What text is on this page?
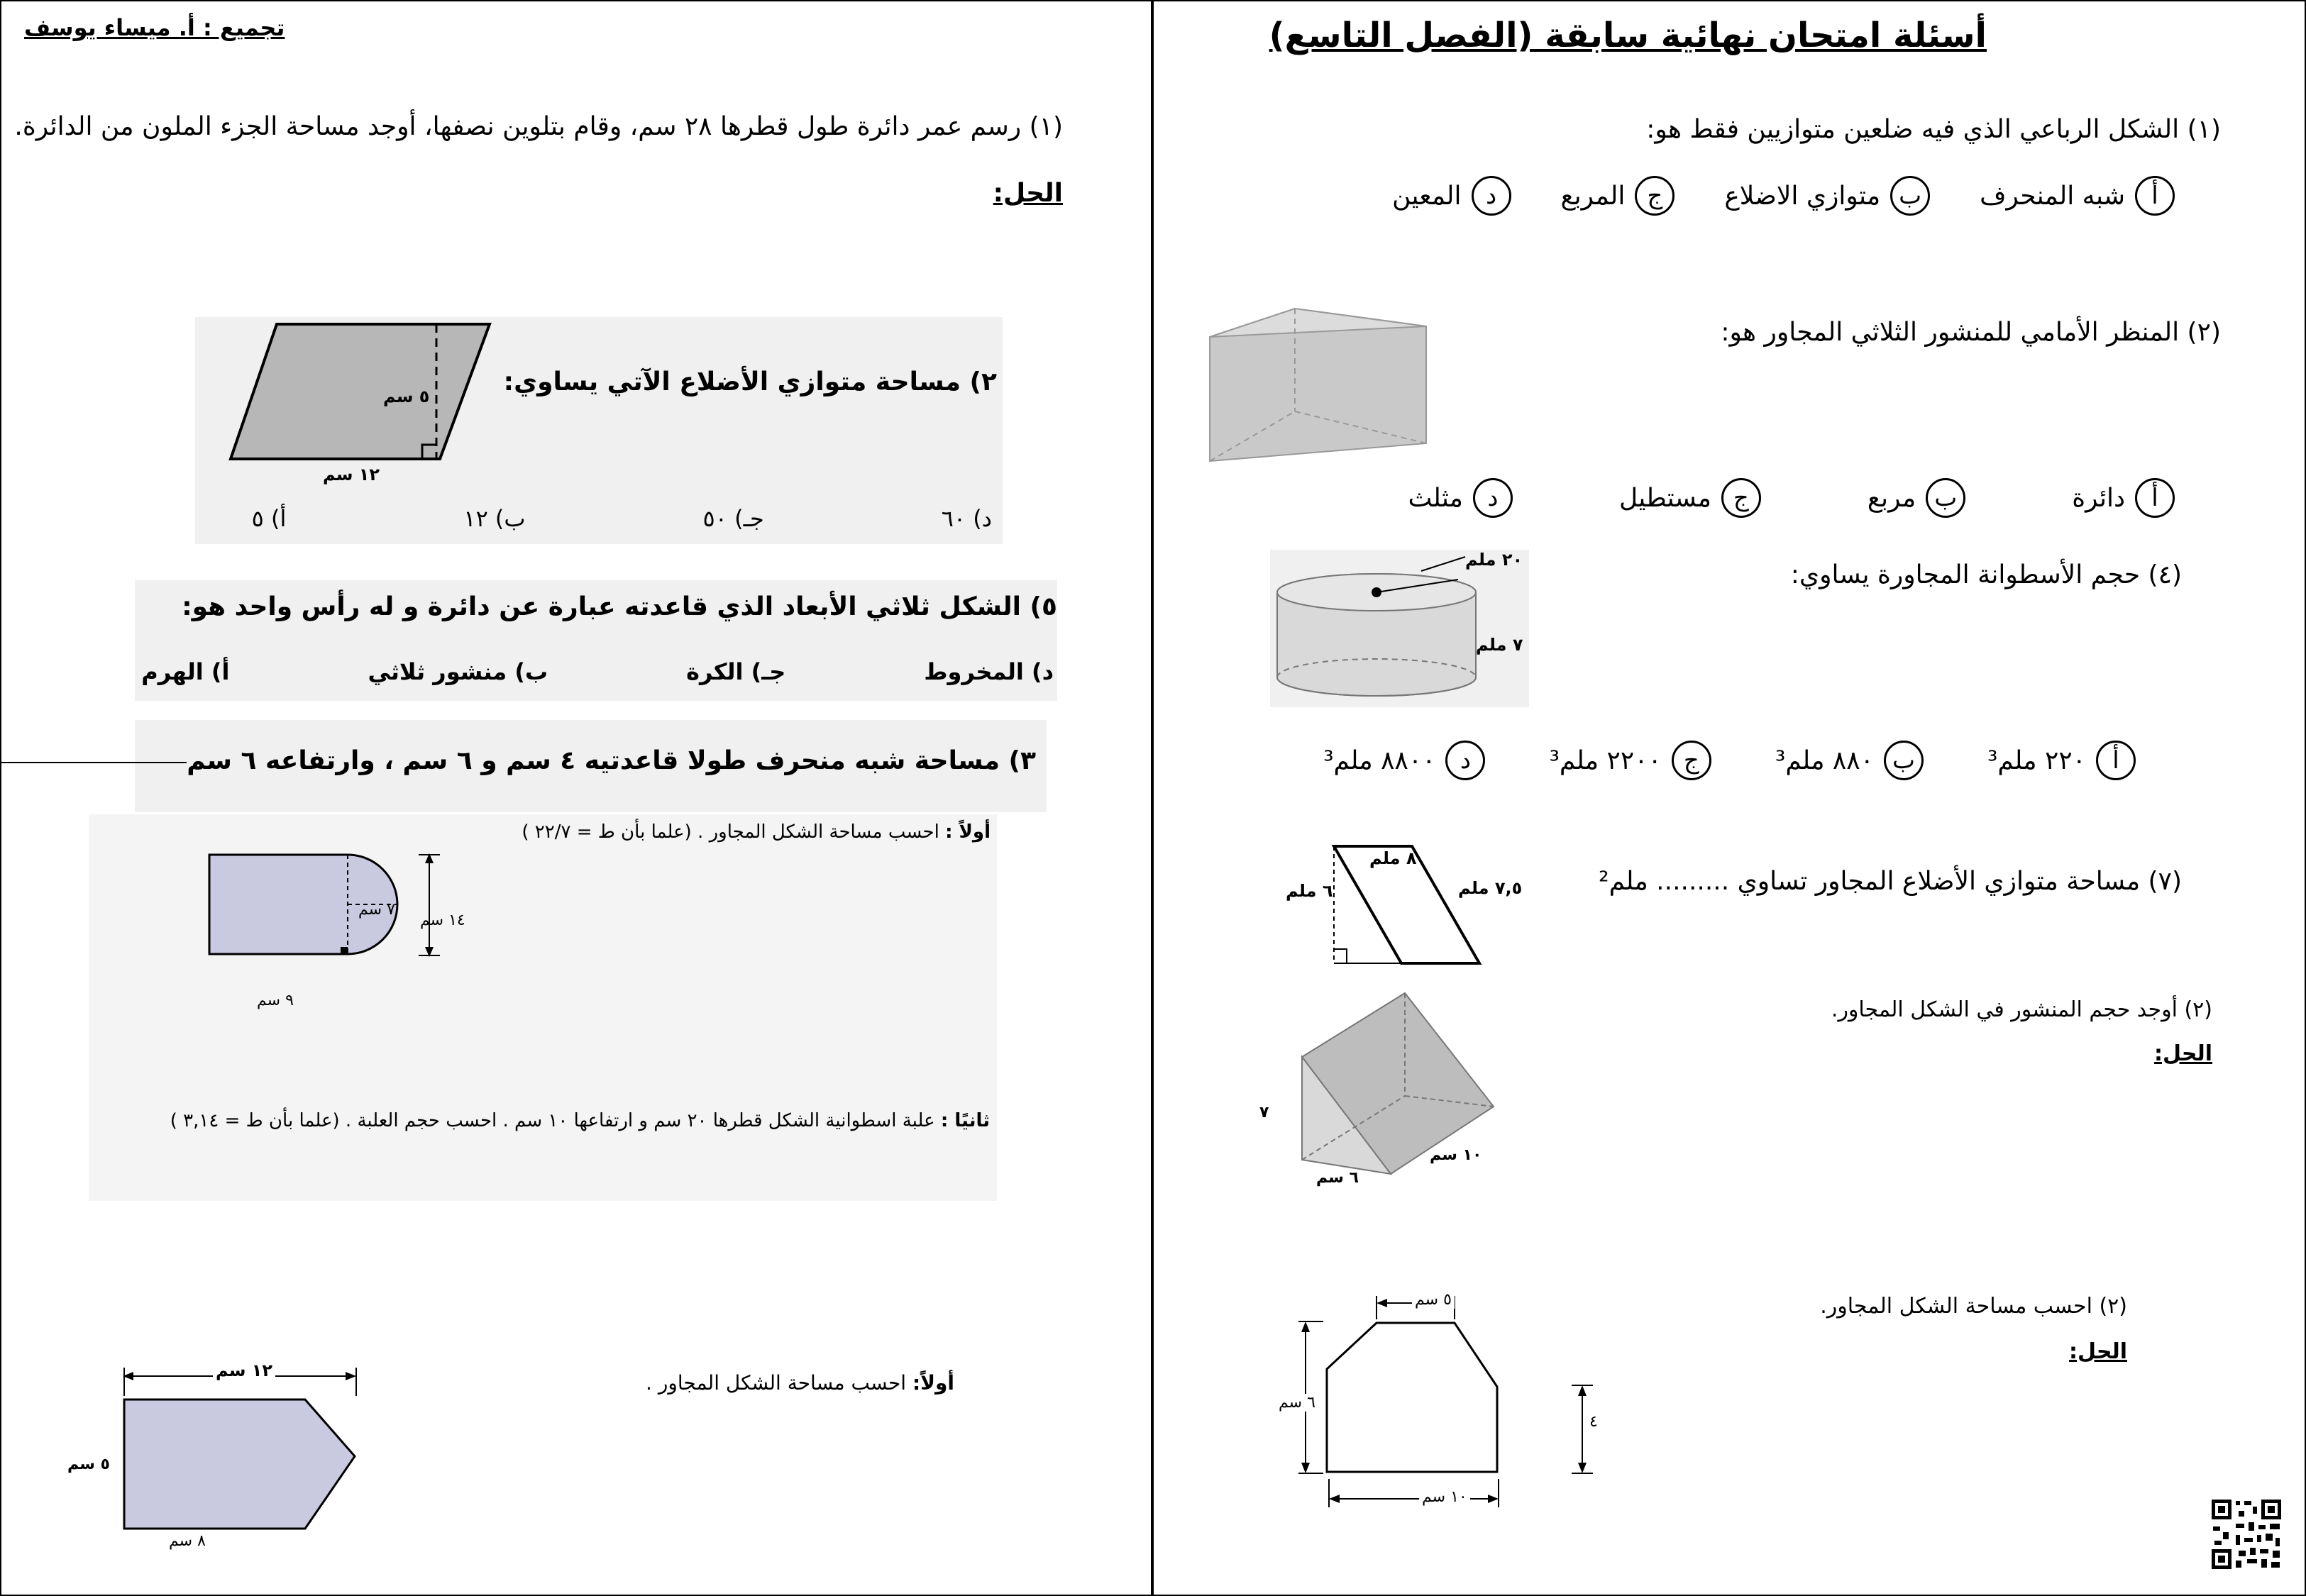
أسئلة امتحان نهائية سابقة (الفصل التاسع)
تجميع : أ. ميساء يوسف
(١) الشكل الرباعي الذي فيه ضلعين متوازيين فقط هو:
أ
شبه المنحرف
ب
متوازي الاضلاع
ج
المربع
د
المعين
(٢) المنظر الأمامي للمنشور الثلاثي المجاور هو:
أ
دائرة
ب
مربع
ج
مستطيل
د
مثلث
(٤) حجم الأسطوانة المجاورة يساوي:
٢٠ ملم
٧ ملم
أ
٢٢٠ ملم³
ب
٨٨٠ ملم³
ج
٢٢٠٠ ملم³
د
٨٨٠٠ ملم³
(٧) مساحة متوازي الأضلاع المجاور تساوي ......... ملم²
٨ ملم
٧,٥ ملم
٦ ملم
(٢) أوجد حجم المنشور في الشكل المجاور.
الحل:
٧
٦ سم
١٠ سم
(٢) احسب مساحة الشكل المجاور.
الحل:
٥ سم
٦ سم
٤
١٠ سم
(١) رسم عمر دائرة طول قطرها ٢٨ سم، وقام بتلوين نصفها، أوجد مساحة الجزء الملون من الدائرة.
الحل:
٢) مساحة متوازي الأضلاع الآتي يساوي:
٥ سم
١٢ سم
أ) ٥	ب) ١٢	جـ) ٥٠	د) ٦٠
٥) الشكل ثلاثي الأبعاد الذي قاعدته عبارة عن دائرة و له رأس واحد هو:
أ) الهرم	ب) منشور ثلاثي	جـ) الكرة	د) المخروط
٣) مساحة شبه منحرف طولا قاعدتيه ٤ سم و ٦ سم ، وارتفاعه ٦ سم
أولاً : احسب مساحة الشكل المجاور . (علما بأن ط = ٢٢/٧ )
٧ سم
١٤ سم
٩ سم
ثانيًا : علبة اسطوانية الشكل قطرها ٢٠ سم و ارتفاعها ١٠ سم . احسب حجم العلبة . (علما بأن ط = ٣,١٤ )
أولاً: احسب مساحة الشكل المجاور .
١٢ سم
٥ سم
٨ سم
